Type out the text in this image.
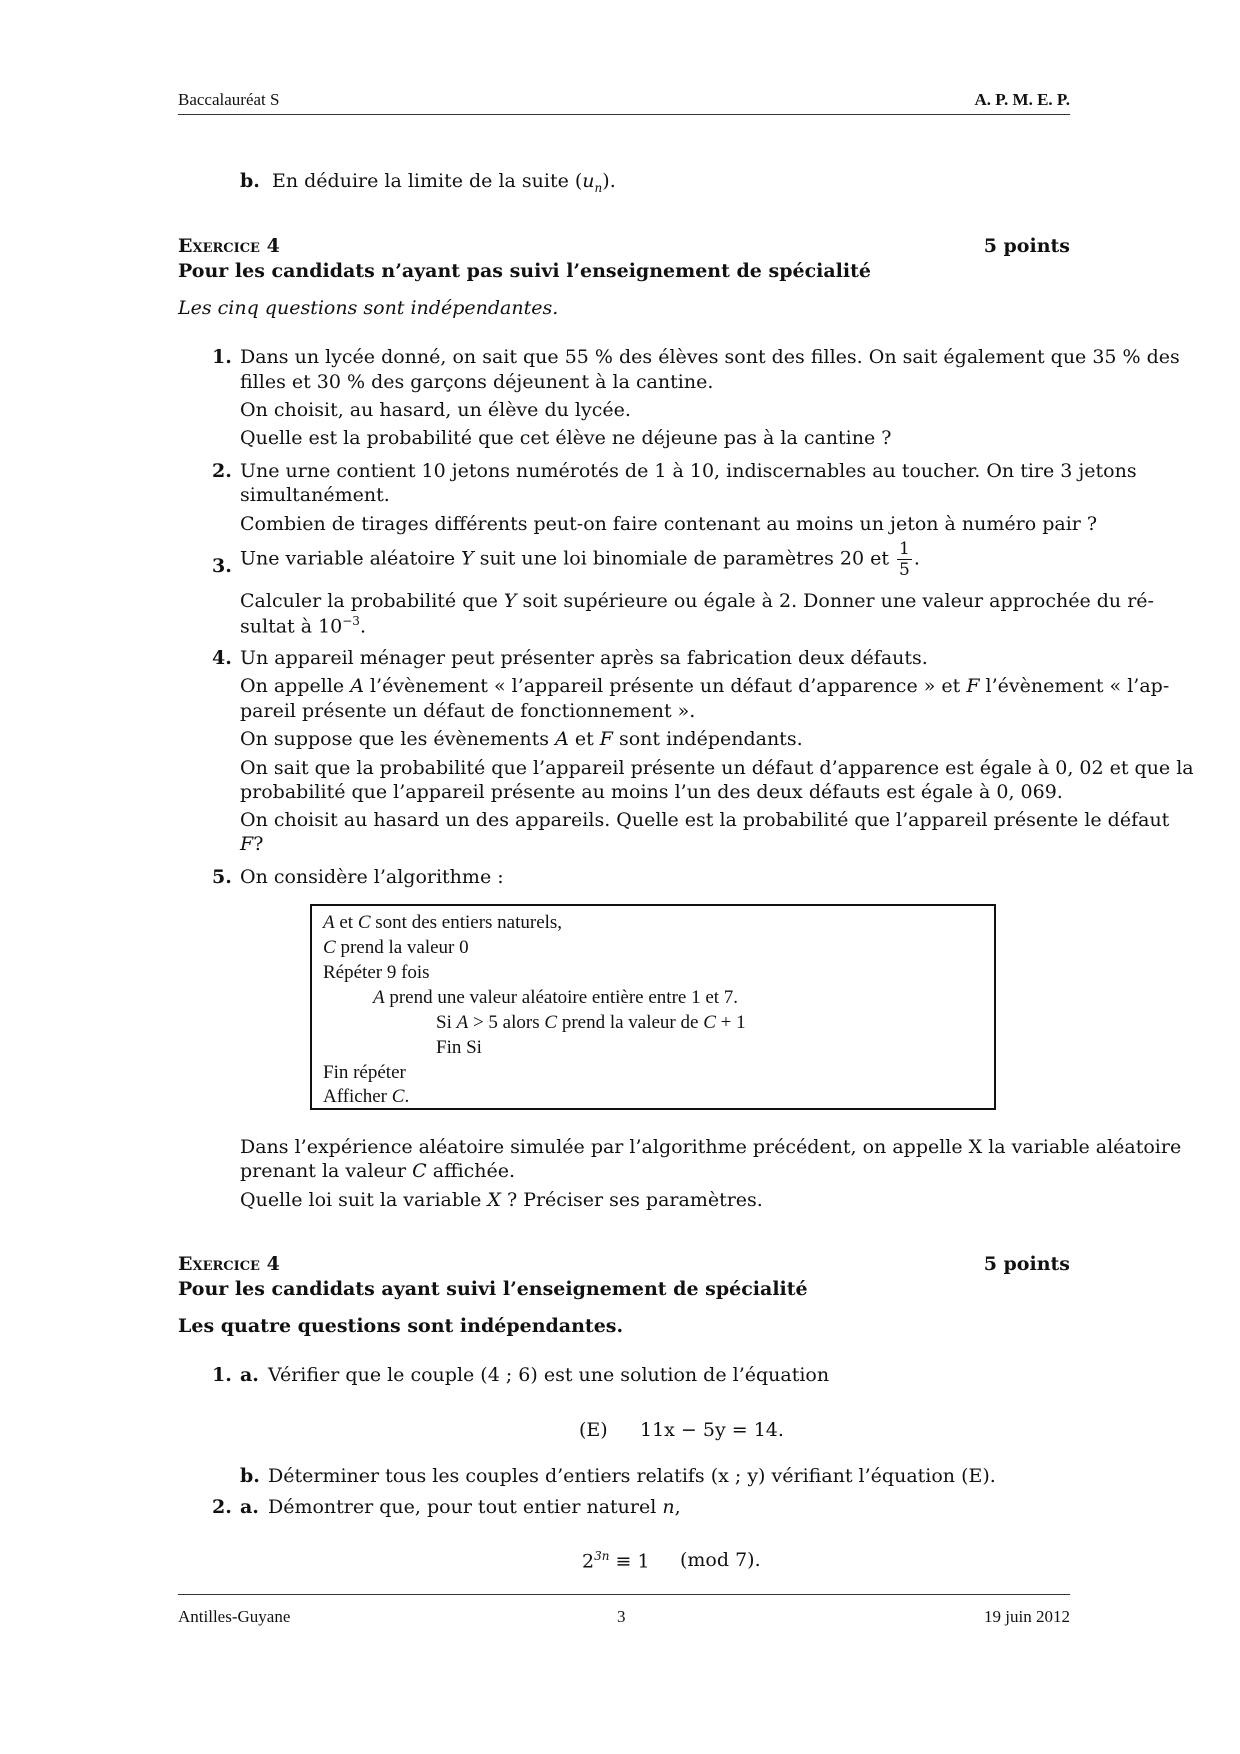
Baccalauréat S	A. P. M. E. P.
b. En déduire la limite de la suite $(u_n)$.
Exercice 4	5 points
Pour les candidats n’ayant pas suivi l’enseignement de spécialité
Les cinq questions sont indépendantes.
1. Dans un lycée donné, on sait que 55 % des élèves sont des filles. On sait également que 35 % des
filles et 30 % des garçons déjeunent à la cantine.
On choisit, au hasard, un élève du lycée.
Quelle est la probabilité que cet élève ne déjeune pas à la cantine ?
2. Une urne contient 10 jetons numérotés de 1 à 10, indiscernables au toucher. On tire 3 jetons
simultanément.
Combien de tirages différents peut-on faire contenant au moins un jeton à numéro pair ?
3. Une variable aléatoire Y suit une loi binomiale de paramètres 20 et $\frac{1}{5}$ .
Calculer la probabilité que Y soit supérieure ou égale à 2. Donner une valeur approchée du ré-
sultat à $10^{-3}$.
4. Un appareil ménager peut présenter après sa fabrication deux défauts.
On appelle A l’évènement « l’appareil présente un défaut d’apparence » et F l’évènement « l’ap-
pareil présente un défaut de fonctionnement ».
On suppose que les évènements A et F sont indépendants.
On sait que la probabilité que l’appareil présente un défaut d’apparence est égale à 0, 02 et que la
probabilité que l’appareil présente au moins l’un des deux défauts est égale à 0, 069.
On choisit au hasard un des appareils. Quelle est la probabilité que l’appareil présente le défaut
F?
5. On considère l’algorithme :
A et C sont des entiers naturels,
C prend la valeur 0
Répéter 9 fois
A prend une valeur aléatoire entière entre 1 et 7.
Si A > 5 alors C prend la valeur de C + 1
Fin Si
Fin répéter
Afficher C.
Dans l’expérience aléatoire simulée par l’algorithme précédent, on appelle X la variable aléatoire
prenant la valeur C affichée.
Quelle loi suit la variable X ? Préciser ses paramètres.
Exercice 4	5 points
Pour les candidats ayant suivi l’enseignement de spécialité
Les quatre questions sont indépendantes.
1. a. Vérifier que le couple (4 ; 6) est une solution de l’équation
(E) 11x − 5y = 14.
b. Déterminer tous les couples d’entiers relatifs (x ; y) vérifiant l’équation (E).
2. a. Démontrer que, pour tout entier naturel n,
$2^{3n} \equiv 1$ (mod 7).
Antilles-Guyane	3	19 juin 2012
